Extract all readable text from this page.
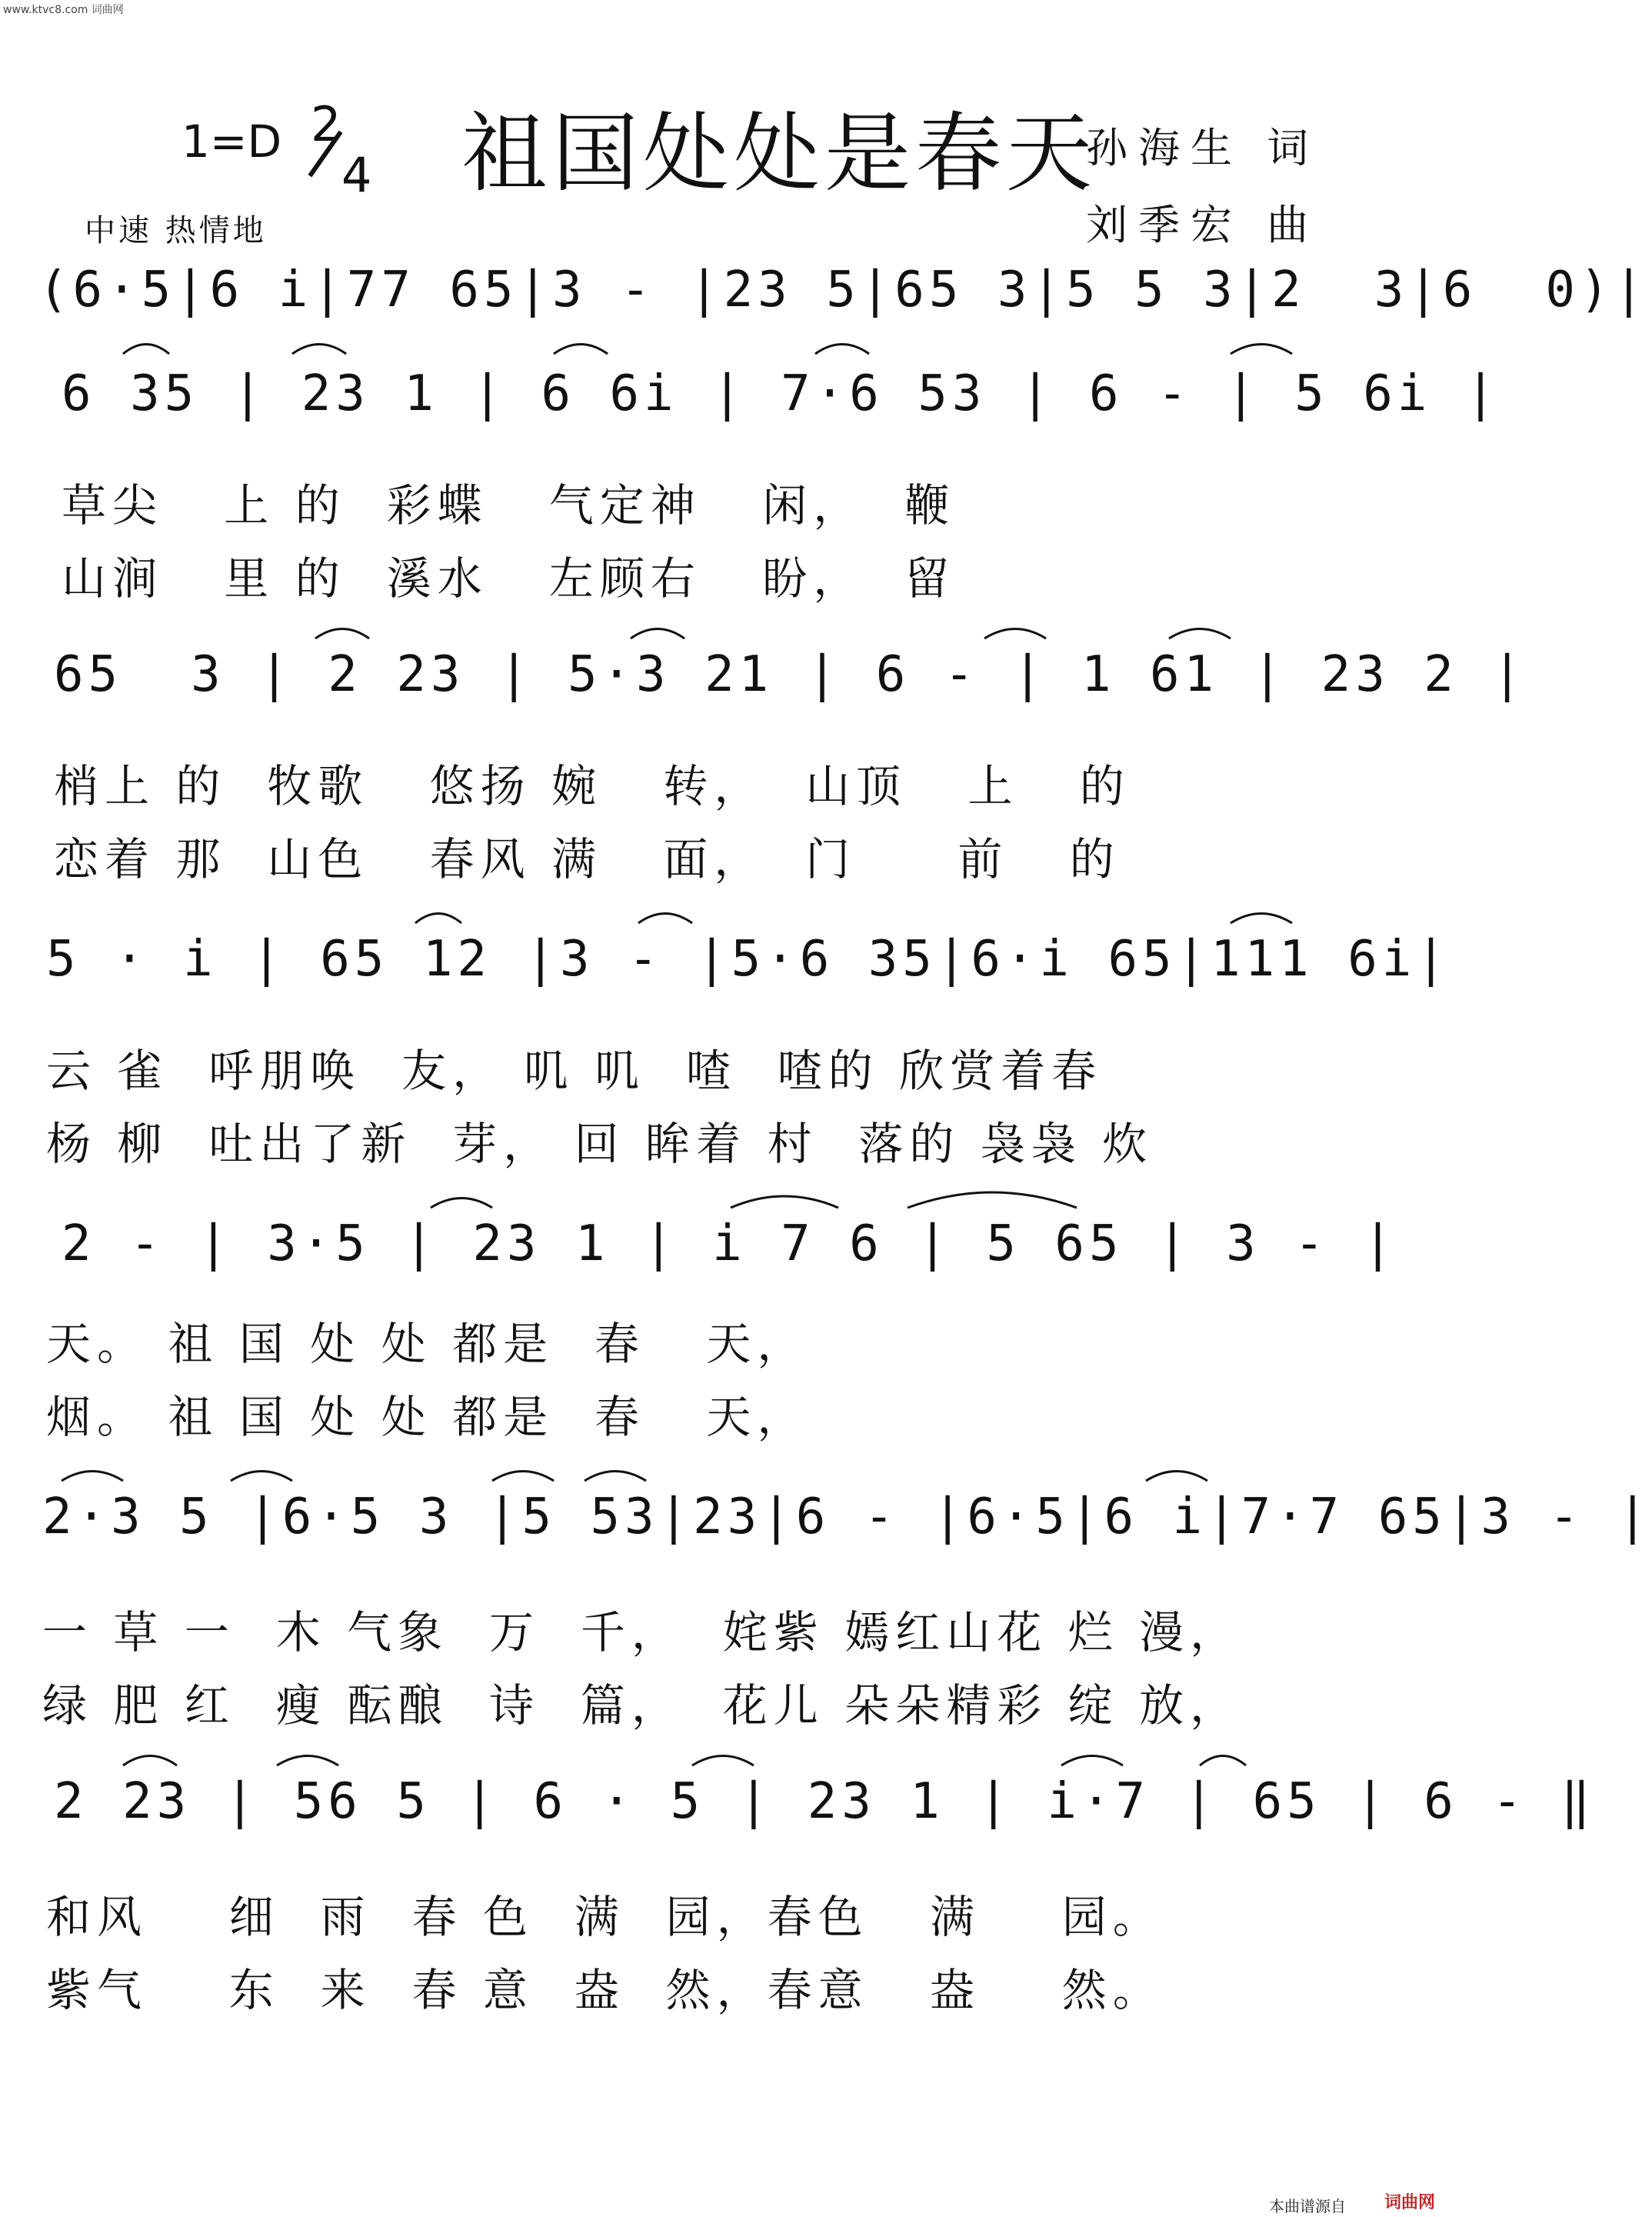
www.ktvc8.com 词曲网
1=D

2

4 祖国处处是春天
中速 热情地
孙海生 词
刘季宏 曲
(6·5|6 i|77 65|3 - |23 5|65 3|5 5 3|2  3|6  0)|
6 35 | 23 1 | 6 6i | 7·6 53 | 6 - | 5 6i |
草尖   上 的  彩蝶   气定神   闲，  鞭
山涧   里 的  溪水   左顾右   盼，  留
65  3 | 2 23 | 5·3 21 | 6 - | 1 61 | 23 2 |
梢上 的  牧歌   悠扬 婉   转，  山顶   上   的
恋着 那  山色   春风 满   面，  门     前   的
5 · i | 65 12 |3 - |5·6 35|6·i 65|111 6i|
云 雀  呼朋唤  友， 叽 叽  喳  喳的 欣赏着春
杨 柳  吐出了新  芽， 回 眸着 村  落的 袅袅 炊
2 - | 3·5 | 23 1 | i 7 6 | 5 65 | 3 - |
天。 祖 国 处 处 都是  春   天，
烟。 祖 国 处 处 都是  春   天，
2·3 5 |6·5 3 |5 53|23|6 - |6·5|6 i|7·7 65|3 - |
一 草 一  木 气象  万  千，  姹紫 嫣红山花 烂 漫，
绿 肥 红  瘦 酝酿  诗  篇，  花儿 朵朵精彩 绽 放，
2 23 | 56 5 | 6 · 5 | 23 1 | i·7 | 65 | 6 - ‖
和风    细  雨  春 色  满  园，春色   满    园。
紫气    东  来  春 意  盎  然，春意   盎    然。
本曲谱源自 词曲网
